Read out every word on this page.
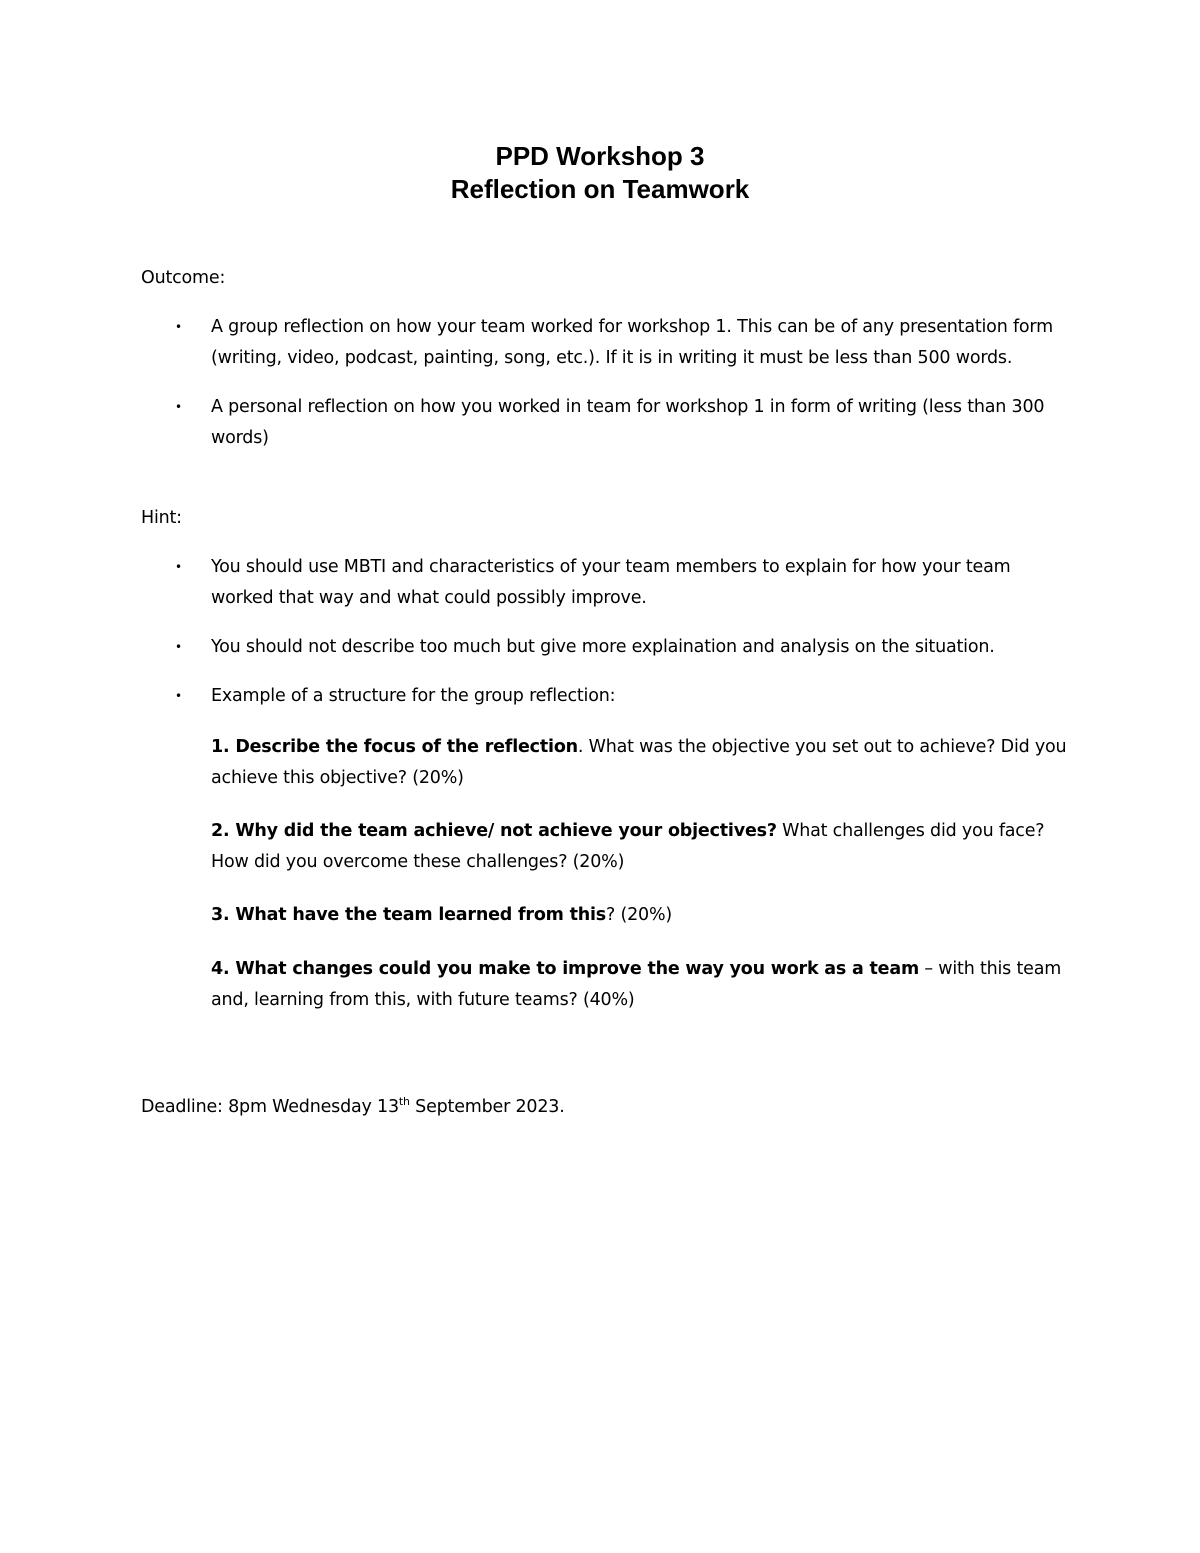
PPD Workshop 3
Reflection on Teamwork
Outcome:
• A group reflection on how your team worked for workshop 1. This can be of any presentation form (writing, video, podcast, painting, song, etc.). If it is in writing it must be less than 500 words.
• A personal reflection on how you worked in team for workshop 1 in form of writing (less than 300 words)
Hint:
• You should use MBTI and characteristics of your team members to explain for how your team worked that way and what could possibly improve.
• You should not describe too much but give more explaination and analysis on the situation.
• Example of a structure for the group reflection:
1. Describe the focus of the reflection. What was the objective you set out to achieve? Did you achieve this objective? (20%)
2. Why did the team achieve/ not achieve your objectives? What challenges did you face? How did you overcome these challenges? (20%)
3. What have the team learned from this? (20%)
4. What changes could you make to improve the way you work as a team – with this team and, learning from this, with future teams? (40%)
Deadline: 8pm Wednesday 13th September 2023.
